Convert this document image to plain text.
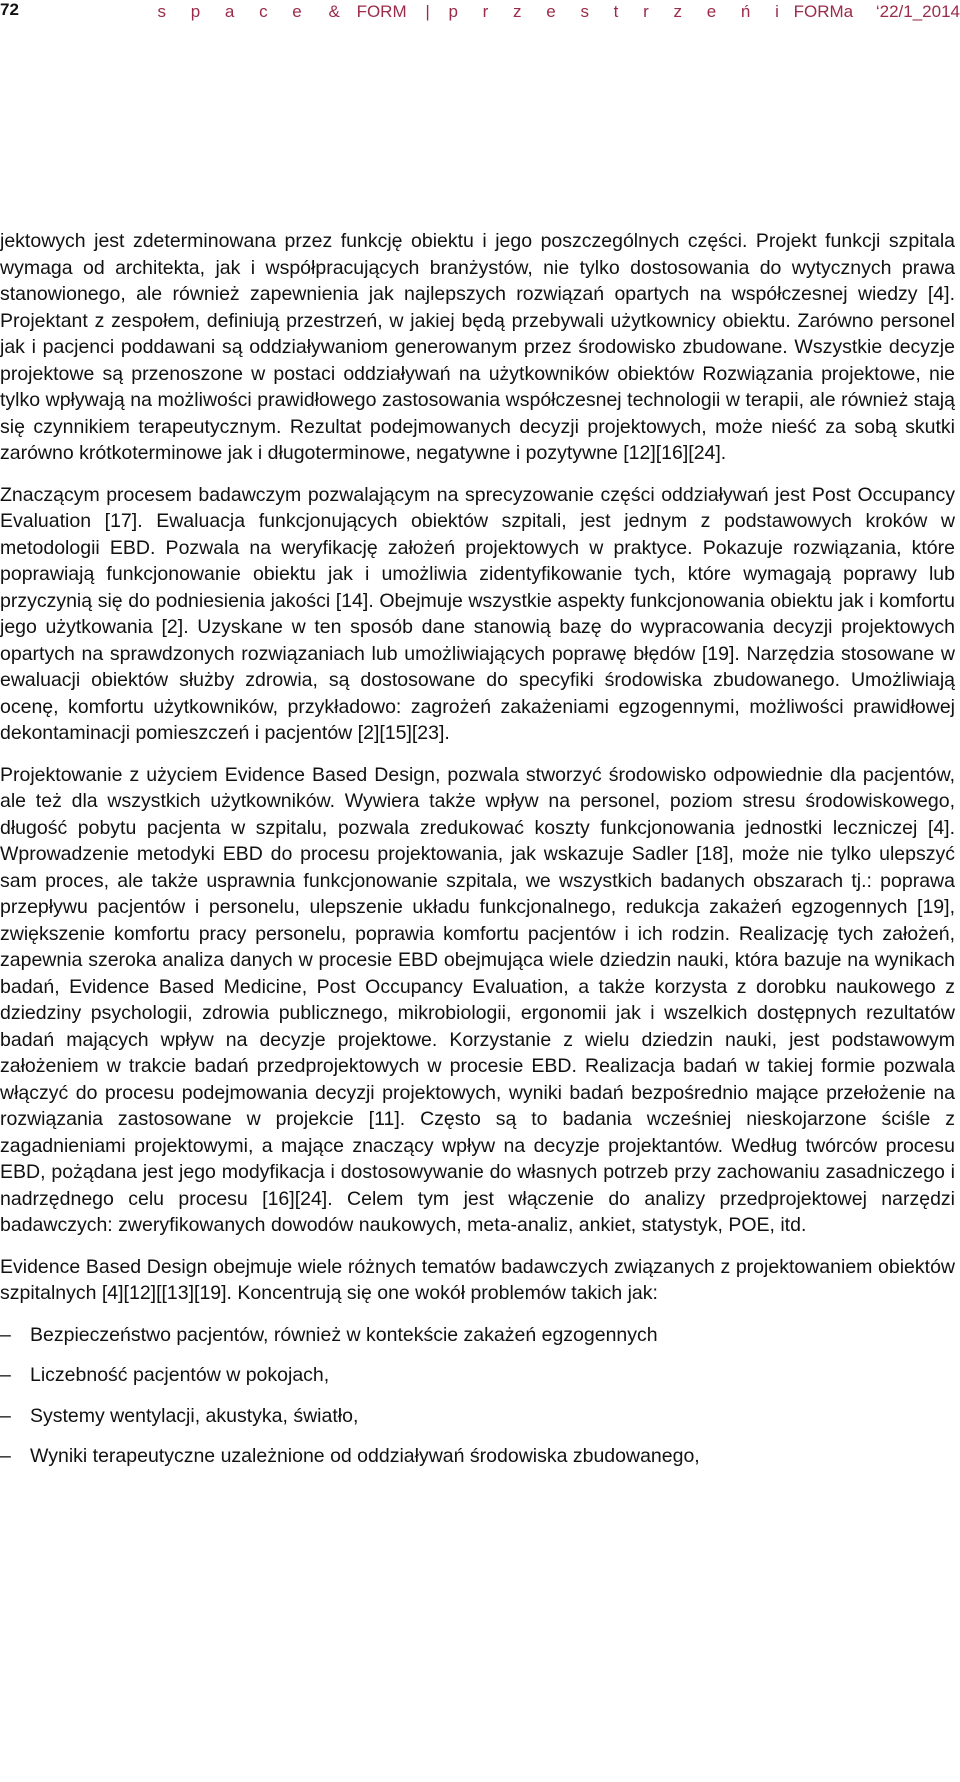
72	s p a c e & FORM | p r z e s t r z e ń i FORMa ‘22/1_2014

jektowych jest zdeterminowana przez funkcję obiektu i jego poszczególnych części. Projekt funkcji szpitala wymaga od architekta, jak i współpracujących branżystów, nie tylko dostosowania do wytycznych prawa stanowionego, ale również zapewnienia jak najlepszych rozwiązań opartych na współczesnej wiedzy [4]. Projektant z zespołem, definiują przestrzeń, w jakiej będą przebywali użytkownicy obiektu. Zarówno personel jak i pacjenci poddawani są oddziaływaniom generowanym przez środowisko zbudowane. Wszystkie decyzje projektowe są przenoszone w postaci oddziaływań na użytkowników obiektów Rozwiązania projektowe, nie tylko wpływają na możliwości prawidłowego zastosowania współczesnej technologii w terapii, ale również stają się czynnikiem terapeutycznym. Rezultat podejmowanych decyzji projektowych, może nieść za sobą skutki zarówno krótkoterminowe jak i długoterminowe, negatywne i pozytywne [12][16][24].

Znaczącym procesem badawczym pozwalającym na sprecyzowanie części oddziaływań jest Post Occupancy Evaluation [17]. Ewaluacja funkcjonujących obiektów szpitali, jest jednym z podstawowych kroków w metodologii EBD. Pozwala na weryfikację założeń projektowych w praktyce. Pokazuje rozwiązania, które poprawiają funkcjonowanie obiektu jak i umożliwia zidentyfikowanie tych, które wymagają poprawy lub przyczynią się do podniesienia jakości [14]. Obejmuje wszystkie aspekty funkcjonowania obiektu jak i komfortu jego użytkowania [2]. Uzyskane w ten sposób dane stanowią bazę do wypracowania decyzji projektowych opartych na sprawdzonych rozwiązaniach lub umożliwiających poprawę błędów [19]. Narzędzia stosowane w ewaluacji obiektów służby zdrowia, są dostosowane do specyfiki środowiska zbudowanego. Umożliwiają ocenę, komfortu użytkowników, przykładowo: zagrożeń zakażeniami egzogennymi, możliwości prawidłowej dekontaminacji pomieszczeń i pacjentów [2][15][23].

Projektowanie z użyciem Evidence Based Design, pozwala stworzyć środowisko odpowiednie dla pacjentów, ale też dla wszystkich użytkowników. Wywiera także wpływ na personel, poziom stresu środowiskowego, długość pobytu pacjenta w szpitalu, pozwala zredukować koszty funkcjonowania jednostki leczniczej [4]. Wprowadzenie metodyki EBD do procesu projektowania, jak wskazuje Sadler [18], może nie tylko ulepszyć sam proces, ale także usprawnia funkcjonowanie szpitala, we wszystkich badanych obszarach tj.: poprawa przepływu pacjentów i personelu, ulepszenie układu funkcjonalnego, redukcja zakażeń egzogennych [19], zwiększenie komfortu pracy personelu, poprawia komfortu pacjentów i ich rodzin. Realizację tych założeń, zapewnia szeroka analiza danych w procesie EBD obejmująca wiele dziedzin nauki, która bazuje na wynikach badań, Evidence Based Medicine, Post Occupancy Evaluation, a także korzysta z dorobku naukowego z dziedziny psychologii, zdrowia publicznego, mikrobiologii, ergonomii jak i wszelkich dostępnych rezultatów badań mających wpływ na decyzje projektowe. Korzystanie z wielu dziedzin nauki, jest podstawowym założeniem w trakcie badań przedprojektowych w procesie EBD. Realizacja badań w takiej formie pozwala włączyć do procesu podejmowania decyzji projektowych, wyniki badań bezpośrednio mające przełożenie na rozwiązania zastosowane w projekcie [11]. Często są to badania wcześniej nieskojarzone ściśle z zagadnieniami projektowymi, a mające znaczący wpływ na decyzje projektantów. Według twórców procesu EBD, pożądana jest jego modyfikacja i dostosowywanie do własnych potrzeb przy zachowaniu zasadniczego i nadrzędnego celu procesu [16][24]. Celem tym jest włączenie do analizy przedprojektowej narzędzi badawczych: zweryfikowanych dowodów naukowych, meta-analiz, ankiet, statystyk, POE, itd.

Evidence Based Design obejmuje wiele różnych tematów badawczych związanych z projektowaniem obiektów szpitalnych [4][12][[13][19]. Koncentrują się one wokół problemów takich jak:

– Bezpieczeństwo pacjentów, również w kontekście zakażeń egzogennych
– Liczebność pacjentów w pokojach,
– Systemy wentylacji, akustyka, światło,
– Wyniki terapeutyczne uzależnione od oddziaływań środowiska zbudowanego,
